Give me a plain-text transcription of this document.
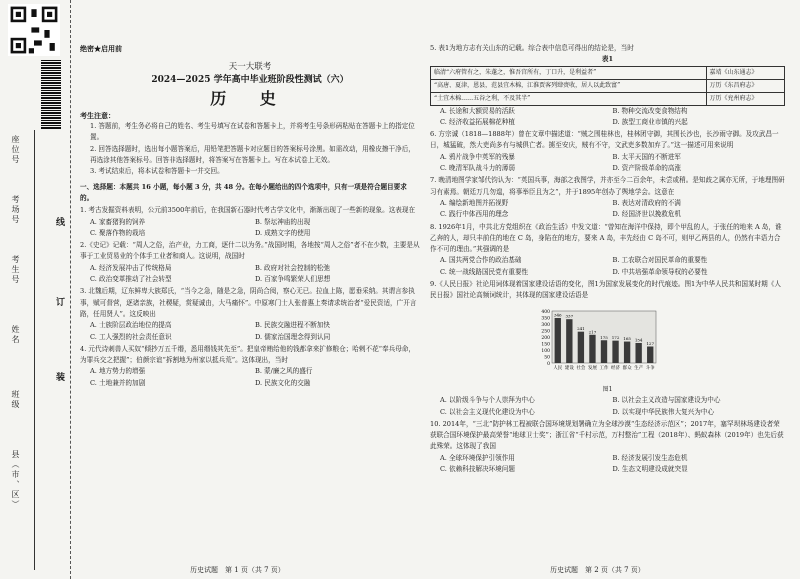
座位号
考场号
考生号
姓名
班级
县（市、区）
线
订
装
绝密★启用前
天一大联考
2024—2025 学年高中毕业班阶段性测试（六）
历 史
考生注意：
1. 答题前，考生务必将自己的姓名、考生号填写在试卷和答题卡上，并将考生号条形码粘贴在答题卡上的指定位置。
2. 回答选择题时，选出每小题答案后，用铅笔把答题卡对应题目的答案标号涂黑。如需改动，用橡皮擦干净后，再选涂其他答案标号。回答非选择题时，将答案写在答题卡上。写在本试卷上无效。
3. 考试结束后，将本试卷和答题卡一并交回。
一、选择题：本题共 16 小题，每小题 3 分，共 48 分。在每小题给出的四个选项中，只有一项是符合题目要求的。
1. 考古发掘资料表明，公元前3500年前后，在我国新石器时代考古学文化中，渐渐出现了一些新的现象。这表现在
A. 家畜猪狗的饲养	B. 祭坛神庙的出现
C. 聚落作物的栽培	D. 成熟文字的使用
2.《史记》记载：“周人之俗，治产业，力工商，逐什二以为务。”战国时期，各地按“周人之俗”者不在少数，主要是从事于工业贸易业的个体手工业者和商人。这说明，战国时
A. 经济发展冲击了传统格局	B. 政府对社会控制的松弛
C. 政治变革推动了社会转型	D. 百家争鸣繁荣人们思想
3. 北魏后期，辽东鲜卑大族郑氏，“当今之急，随是之急，阴尚合阅，察心无已。拉血上陈，愿垂采纳。其谓言参执事，赋可督营，逐诸亲族，社稷疑，赏疑诚由，大马痛怀”。中原寒门士人张普惠上奏请求统治者“爱民资适，广开言路，任用贤人”。这反映出
A. 士族阶层政治地位的提高	B. 民族交融进程不断加快
C. 工人强烈的社会责任意识	D. 儒家治国理念得到认同
4. 元代诗刺兽人买奴“倾抄万五千缗，悉用缗钱其先至”。把皇帝贿给他的钱都拿来扩修粮仓；哈剌不花“奉兵母命，为罪兵交之把握”；伯颜宗谊“拆割地为州家以抵兵荒”。这体现出，当时
A. 地方势力的增强	B. 蒙/廉之风的盛行
C. 土地兼并的加剧	D. 民族文化的交融
5. 表1为地方志有关山东的记载。综合表中信息可得出的结论是，当时
表1
临清“六府管有之，朱蓬之，惟吾宫所有，丁口升，是利益者”	嘉靖《山东通志》
“高唐、夏津，恩县，范县宜木棉，江淮贾客列肆赍收，居人以此致富”	万历《东昌府志》
“土宜木棉……五谷之利，不及其半”	万历《兖州府志》
A. 长途和大额贸易的活跃	B. 物种交流改变食物结构
C. 经济收益拓展棉花种植	D. 族型工商业市镇的兴起
6. 方宗诚（1818—1888年）曾在文章中描述道：“贼之围桂林也，桂林团守御，其围长沙也，长沙雨守御。及攻武昌一日，城猛破，然大吏尚多有与城俱亡者。掳至安庆，贼有不守，文武吏多数加弃了。”这一描述可用来说明
A. 鸦片战争中英军的残暴	B. 太平天国的不断进军
C. 晚清军队战斗力的薄弱	D. 资产阶级革命的高涨
7. 晚清地图学家邹代钧认为：“英国兵事，海部之我图学，并亦至今二百余年，未尝或稍。是知歧之属亦无所，于地理图研习有素焉。朝廷万几勿遑，将事举臣且为之”，并于1895年创办了舆地学会。这意在
A. 编绘新地图并拓视野	B. 表达对清政府的不满
C. 践行中体西用的理念	D. 经国济世以挽救危机
8. 1926年1月，中共北方党组织在《政治生活》中发文道：“曾知在海洋中保持，即个甲乱的人，于张任的地来 A 岛，谁乙奔的人，却只丰前住的地在 C 岛，身陷在的地方，要来 A 岛，丰先经由 C 岛不可，则甲乙两县的人，仍然有丰语力合作不可的理由。”其强调的是
A. 国共两党合作的政治基础	B. 工农联合对国民革命的重要性
C. 统一战线路国民党有重要性	D. 中共培强革命领导权的必要性
9.《人民日报》社论用词体现着国家建设话语的变化，图1为国家发展变化的时代痕迹。图1为中华人民共和国某时期《人民日报》国社论高频词统计，其体现的国家建设话语是
400
350
300
250
200
150
100
50
0
346
人民
337
建设
241
社会
217
发展
175
工作
172
经济
165
群众
154
生产
127
斗争
图1
A. 以阶级斗争与个人崇拜为中心	B. 以社会主义改造与国家建设为中心
C. 以社会主义现代化建设为中心	D. 以实现中华民族伟大复兴为中心
10. 2014年，“三北”防护林工程被联合国环境规划署确立为全球沙漠“生态经济示范区”；2017年，塞罕坝林场建设者荣获联合国环境保护最高荣誉“地球卫士奖”；浙江省“千村示范，万村整治”工程（2018年）、蚂蚁森林（2019年）也先后获此殊荣。这体现了我国
A. 全球环境保护引领作用	B. 经济发展引发生态危机
C. 依赖科技解决环境问题	D. 生态文明建设成就突显
历史试题　第 1 页（共 7 页）	历史试题　第 2 页（共 7 页）
